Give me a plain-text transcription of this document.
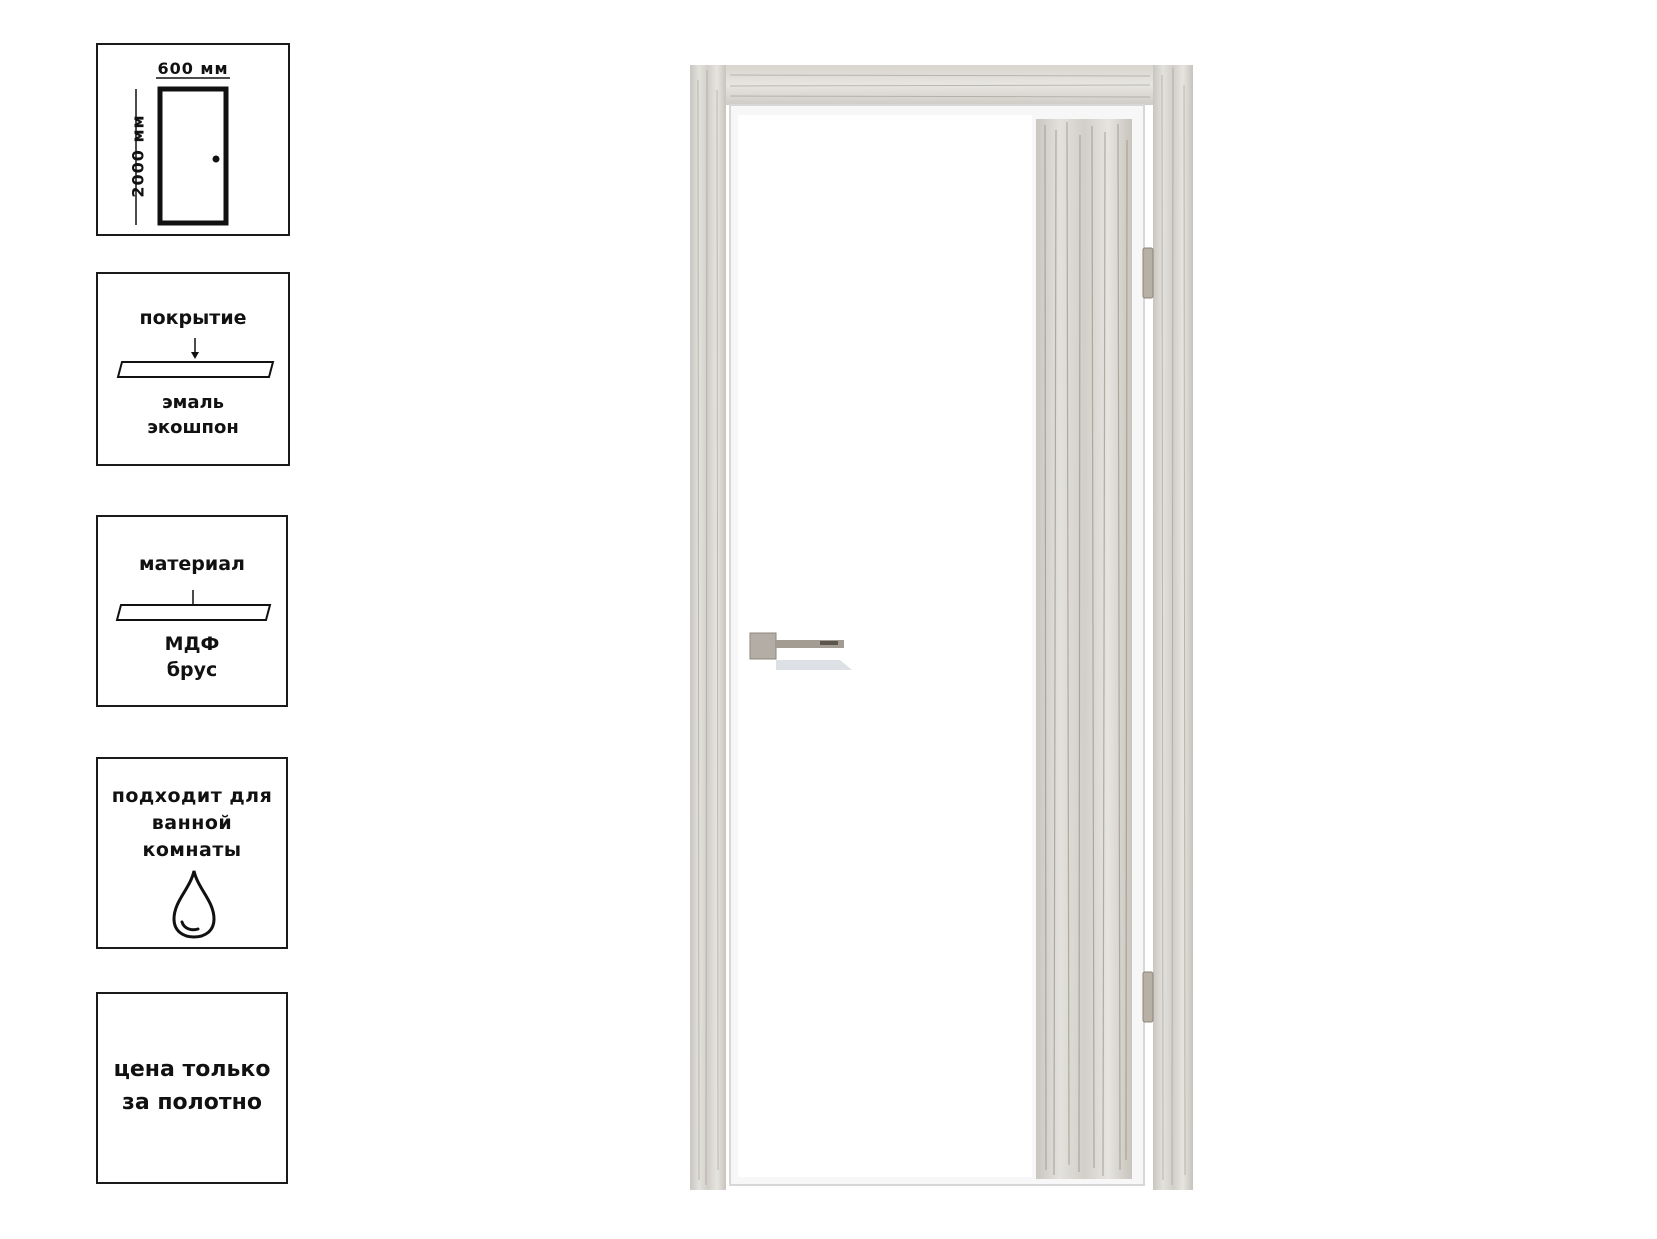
600 мм
2000 мм
покрытие
эмаль
экошпон
материал
МДФ
брус
подходит для
ванной
комнаты
цена только
за полотно
